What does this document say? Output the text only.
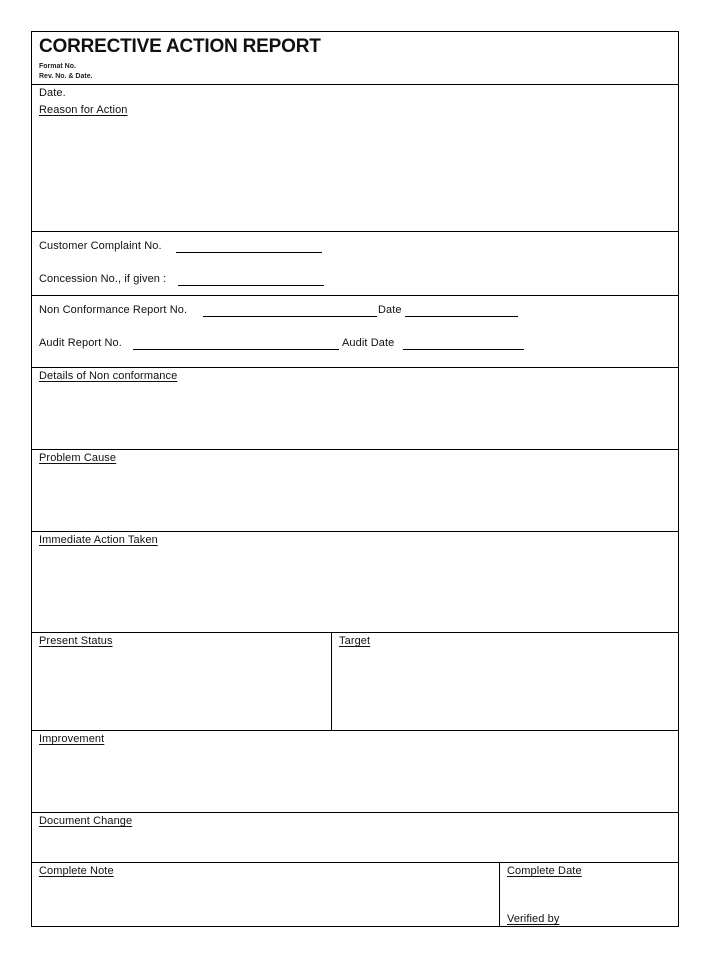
CORRECTIVE ACTION REPORT
Format No.
Rev. No. & Date.
Date.
Reason for Action
Customer Complaint No.
Concession No., if given :
Non Conformance Report No.	Date
Audit Report No.	Audit Date
Details of Non conformance
Problem Cause
Immediate Action Taken
Present Status	Target
Improvement
Document Change
Complete Note	Complete Date
Verified by
